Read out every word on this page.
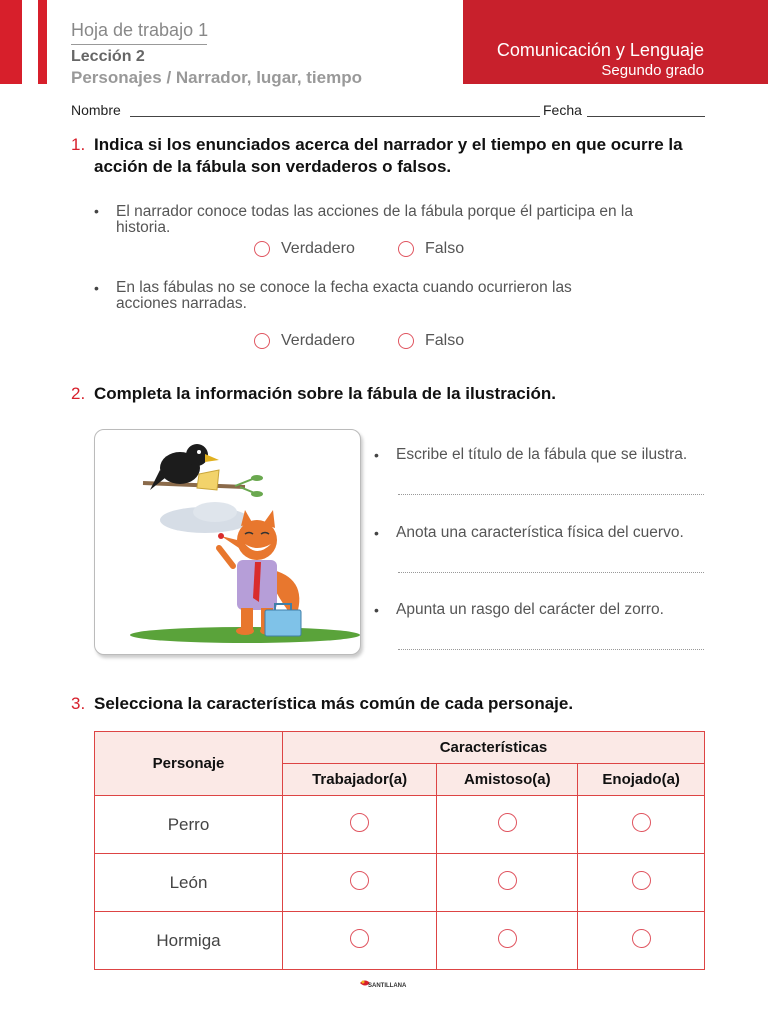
Hoja de trabajo 1
Lección 2
Personajes / Narrador, lugar, tiempo
Comunicación y Lenguaje
Segundo grado
Nombre	Fecha
1. Indica si los enunciados acerca del narrador y el tiempo en que ocurre la acción de la fábula son verdaderos o falsos.
• El narrador conoce todas las acciones de la fábula porque él participa en la historia.
Verdadero	Falso
• En las fábulas no se conoce la fecha exacta cuando ocurrieron las acciones narradas.
Verdadero	Falso
2. Completa la información sobre la fábula de la ilustración.
• Escribe el título de la fábula que se ilustra.
• Anota una característica física del cuervo.
• Apunta un rasgo del carácter del zorro.
3. Selecciona la característica más común de cada personaje.
Personaje	Características		
	Trabajador(a)	Amistoso(a)	Enojado(a)
Perro			
León			
Hormiga			
SANTILLANA
